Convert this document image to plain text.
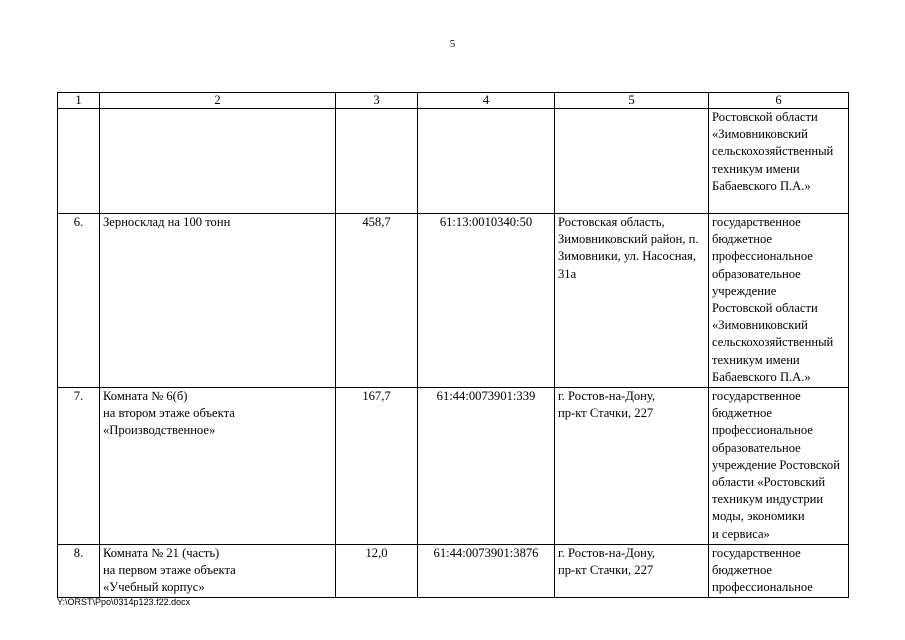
5
1	2	3	4	5	6
					Ростовской области
«Зимовниковский сельскохозяйственный техникум имени
Бабаевского П.А.»
6.	Зерносклад на 100 тонн	458,7	61:13:0010340:50	Ростовская область, Зимовниковский район, п. Зимовники, ул. Насосная, 31а	государственное бюджетное профессиональное образовательное учреждение
Ростовской области
«Зимовниковский сельскохозяйственный техникум имени
Бабаевского П.А.»
7.	Комната № 6(б)
на втором этаже объекта
«Производственное»	167,7	61:44:0073901:339	г. Ростов-на-Дону,
пр-кт Стачки, 227	государственное бюджетное профессиональное образовательное учреждение Ростовской области «Ростовский техникум индустрии моды, экономики
и сервиса»
8.	Комната № 21 (часть)
на первом этаже объекта
«Учебный корпус»	12,0	61:44:0073901:3876	г. Ростов-на-Дону,
пр-кт Стачки, 227	государственное бюджетное профессиональное
Y:\ORST\Ppo\0314p123.f22.docx
